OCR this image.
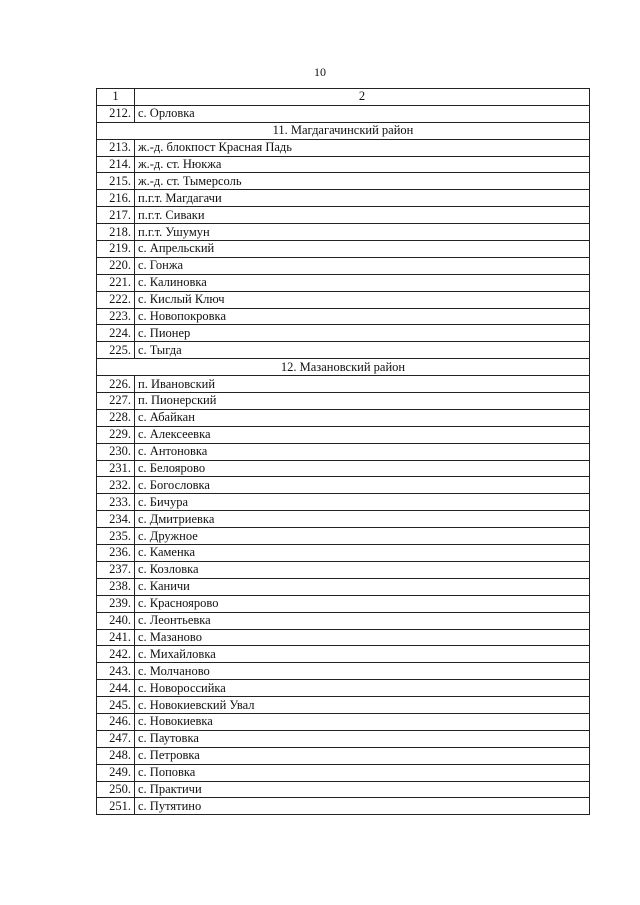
10
1	2
212.	с. Орловка
11. Магдагачинский район	
213.	ж.-д. блокпост Красная Падь
214.	ж.-д. ст. Нюкжа
215.	ж.-д. ст. Тымерсоль
216.	п.г.т. Магдагачи
217.	п.г.т. Сиваки
218.	п.г.т. Ушумун
219.	с. Апрельский
220.	с. Гонжа
221.	с. Калиновка
222.	с. Кислый Ключ
223.	с. Новопокровка
224.	с. Пионер
225.	с. Тыгда
12. Мазановский район	
226.	п. Ивановский
227.	п. Пионерский
228.	с. Абайкан
229.	с. Алексеевка
230.	с. Антоновка
231.	с. Белоярово
232.	с. Богословка
233.	с. Бичура
234.	с. Дмитриевка
235.	с. Дружное
236.	с. Каменка
237.	с. Козловка
238.	с. Каничи
239.	с. Красноярово
240.	с. Леонтьевка
241.	с. Мазаново
242.	с. Михайловка
243.	с. Молчаново
244.	с. Новороссийка
245.	с. Новокиевский Увал
246.	с. Новокиевка
247.	с. Паутовка
248.	с. Петровка
249.	с. Поповка
250.	с. Практичи
251.	с. Путятино
